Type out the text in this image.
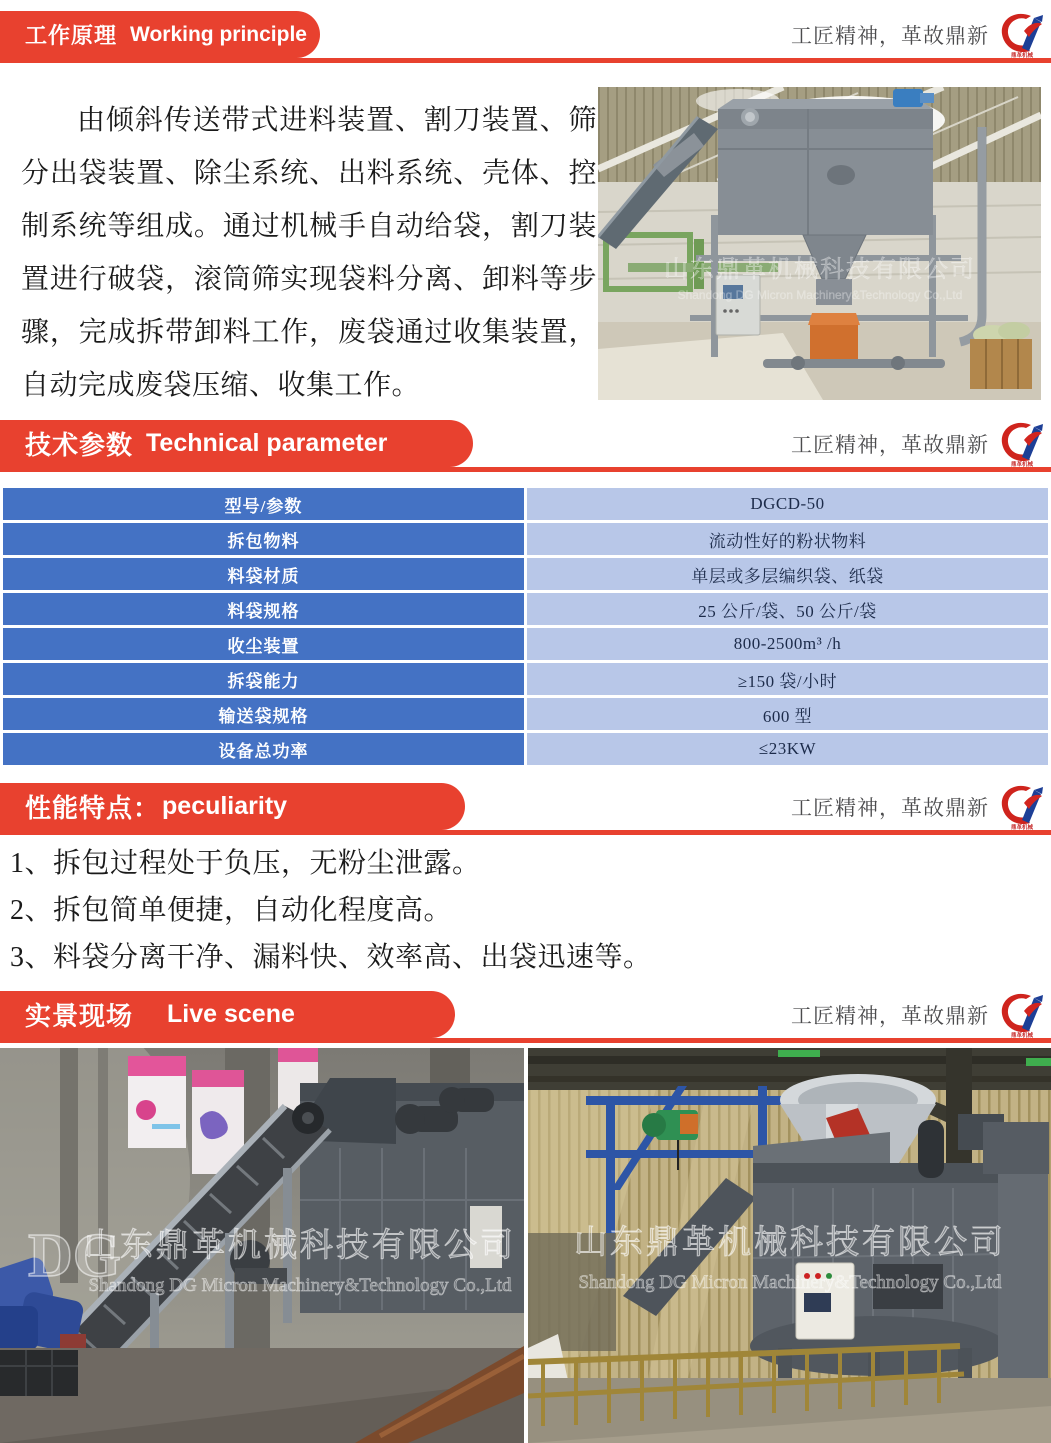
工作原理 Working principle	工匠精神，革故鼎新
鼎革机械
由倾斜传送带式进料装置、割刀装置、筛分出袋装置、除尘系统、出料系统、壳体、控制系统等组成。通过机械手自动给袋，割刀装置进行破袋，滚筒筛实现袋料分离、卸料等步骤，完成拆带卸料工作，废袋通过收集装置，自动完成废袋压缩、收集工作。
山东鼎革机械科技有限公司
Shandong DG Micron Machinery&Technology Co.,Ltd
技术参数 Technical parameter	工匠精神，革故鼎新
鼎革机械
型号/参数	DGCD-50
拆包物料	流动性好的粉状物料
料袋材质	单层或多层编织袋、纸袋
料袋规格	25 公斤/袋、50 公斤/袋
收尘装置	800-2500m³ /h
拆袋能力	≥150 袋/小时
输送袋规格	600 型
设备总功率	≤23KW
性能特点： peculiarity	工匠精神，革故鼎新
鼎革机械
1、拆包过程处于负压，无粉尘泄露。
2、拆包简单便捷，自动化程度高。
3、料袋分离干净、漏料快、效率高、出袋迅速等。
实景现场 Live scene	工匠精神，革故鼎新
鼎革机械
DG
山东鼎革机械科技有限公司
Shandong DG Micron Machinery&Technology Co.,Ltd
山东鼎革机械科技有限公司
Shandong DG Micron Machinery&Technology Co.,Ltd
